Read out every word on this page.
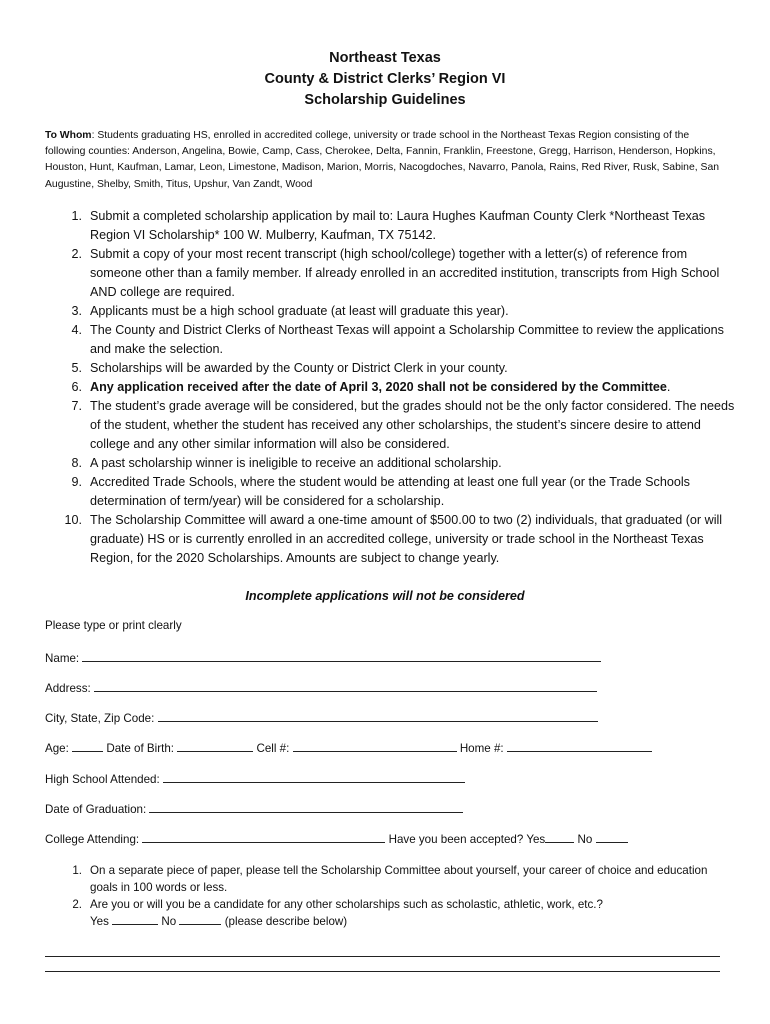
Northeast Texas
County & District Clerks’ Region VI
Scholarship Guidelines
To Whom: Students graduating HS, enrolled in accredited college, university or trade school in the Northeast Texas Region consisting of the following counties: Anderson, Angelina, Bowie, Camp, Cass, Cherokee, Delta, Fannin, Franklin, Freestone, Gregg, Harrison, Henderson, Hopkins, Houston, Hunt, Kaufman, Lamar, Leon, Limestone, Madison, Marion, Morris, Nacogdoches, Navarro, Panola, Rains, Red River, Rusk, Sabine, San Augustine, Shelby, Smith, Titus, Upshur, Van Zandt, Wood
1. Submit a completed scholarship application by mail to: Laura Hughes Kaufman County Clerk *Northeast Texas Region VI Scholarship* 100 W. Mulberry, Kaufman, TX 75142.
2. Submit a copy of your most recent transcript (high school/college) together with a letter(s) of reference from someone other than a family member. If already enrolled in an accredited institution, transcripts from High School AND college are required.
3. Applicants must be a high school graduate (at least will graduate this year).
4. The County and District Clerks of Northeast Texas will appoint a Scholarship Committee to review the applications and make the selection.
5. Scholarships will be awarded by the County or District Clerk in your county.
6. Any application received after the date of April 3, 2020 shall not be considered by the Committee.
7. The student’s grade average will be considered, but the grades should not be the only factor considered. The needs of the student, whether the student has received any other scholarships, the student’s sincere desire to attend college and any other similar information will also be considered.
8. A past scholarship winner is ineligible to receive an additional scholarship.
9. Accredited Trade Schools, where the student would be attending at least one full year (or the Trade Schools determination of term/year) will be considered for a scholarship.
10. The Scholarship Committee will award a one-time amount of $500.00 to two (2) individuals, that graduated (or will graduate) HS or is currently enrolled in an accredited college, university or trade school in the Northeast Texas Region, for the 2020 Scholarships. Amounts are subject to change yearly.
Incomplete applications will not be considered
Please type or print clearly
Name:
Address:
City, State, Zip Code:
Age:	Date of Birth:	Cell #:	Home #:
High School Attended:
Date of Graduation:
College Attending:	Have you been accepted? Yes	No
1. On a separate piece of paper, please tell the Scholarship Committee about yourself, your career of choice and education goals in 100 words or less.
2. Are you or will you be a candidate for any other scholarships such as scholastic, athletic, work, etc.?
Yes	No	(please describe below)
